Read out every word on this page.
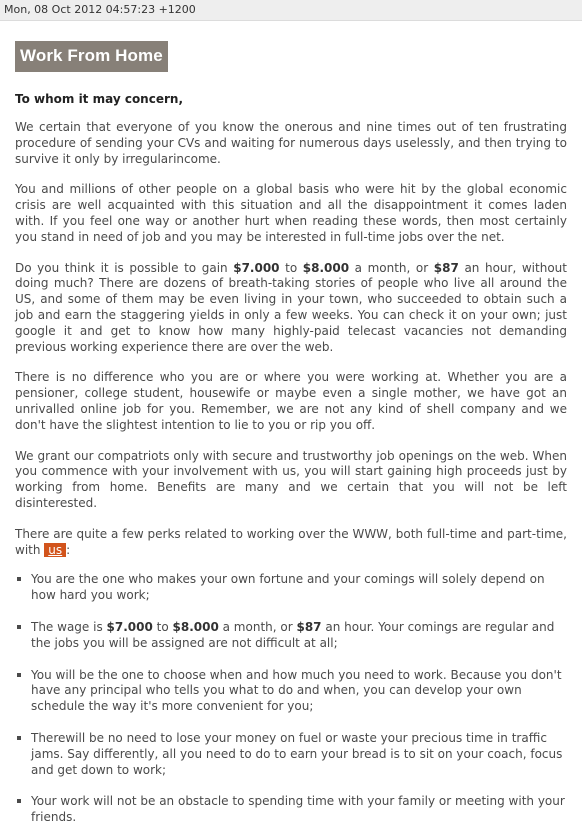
Mon, 08 Oct 2012 04:57:23 +1200
Work From Home
To whom it may concern,

We certain that everyone of you know the onerous and nine times out of ten frustrating procedure of sending your CVs and waiting for numerous days uselessly, and then trying to survive it only by irregularincome.

You and millions of other people on a global basis who were hit by the global economic crisis are well acquainted with this situation and all the disappointment it comes laden with. If you feel one way or another hurt when reading these words, then most certainly you stand in need of job and you may be interested in full-time jobs over the net.

Do you think it is possible to gain $7.000 to $8.000 a month, or $87 an hour, without doing much? There are dozens of breath-taking stories of people who live all around the US, and some of them may be even living in your town, who succeeded to obtain such a job and earn the staggering yields in only a few weeks. You can check it on your own; just google it and get to know how many highly-paid telecast vacancies not demanding previous working experience there are over the web.

There is no difference who you are or where you were working at. Whether you are a pensioner, college student, housewife or maybe even a single mother, we have got an unrivalled online job for you. Remember, we are not any kind of shell company and we don't have the slightest intention to lie to you or rip you off.

We grant our compatriots only with secure and trustworthy job openings on the web. When you commence with your involvement with us, you will start gaining high proceeds just by working from home. Benefits are many and we certain that you will not be left disinterested.

There are quite a few perks related to working over the WWW, both full-time and part-time, with us :

You are the one who makes your own fortune and your comings will solely depend on how hard you work;
The wage is $7.000 to $8.000 a month, or $87 an hour. Your comings are regular and the jobs you will be assigned are not difficult at all;
You will be the one to choose when and how much you need to work. Because you don't have any principal who tells you what to do and when, you can develop your own schedule the way it's more convenient for you;
Therewill be no need to lose your money on fuel or waste your precious time in traffic jams. Say differently, all you need to do to earn your bread is to sit on your coach, focus and get down to work;
Your work will not be an obstacle to spending time with your family or meeting with your friends.
